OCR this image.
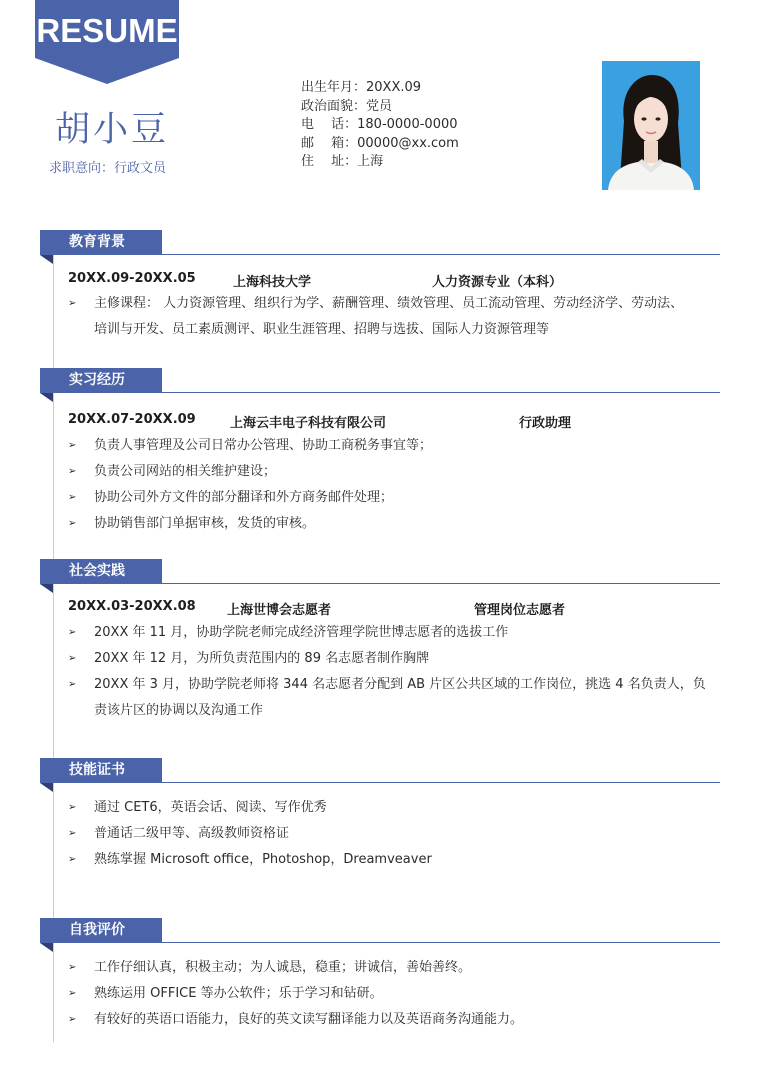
RESUME
胡小豆
求职意向：行政文员
出生年月：20XX.09
政治面貌：党员
电　 话：180-0000-0000
邮　 箱：00000@xx.com
住　 址：上海
教育背景
20XX.09-20XX.05	上海科技大学	人力资源专业（本科）
➢	主修课程： 人力资源管理、组织行为学、薪酬管理、绩效管理、员工流动管理、劳动经济学、劳动法、
培训与开发、员工素质测评、职业生涯管理、招聘与选拔、国际人力资源管理等
实习经历
20XX.07-20XX.09	上海云丰电子科技有限公司	行政助理
➢	负责人事管理及公司日常办公管理、协助工商税务事宜等；
➢	负责公司网站的相关维护建设；
➢	协助公司外方文件的部分翻译和外方商务邮件处理；
➢	协助销售部门单据审核，发货的审核。
社会实践
20XX.03-20XX.08 上海世博会志愿者	管理岗位志愿者
➢	20XX 年 11 月，协助学院老师完成经济管理学院世博志愿者的选拔工作
➢	20XX 年 12 月，为所负责范围内的 89 名志愿者制作胸牌
➢	20XX 年 3 月，协助学院老师将 344 名志愿者分配到 AB 片区公共区域的工作岗位，挑选 4 名负责人，负
责该片区的协调以及沟通工作
技能证书
➢	通过 CET6，英语会话、阅读、写作优秀
➢	普通话二级甲等、高级教师资格证
➢	熟练掌握 Microsoft office，Photoshop，Dreamveaver
自我评价
➢	工作仔细认真，积极主动；为人诚恳，稳重；讲诚信，善始善终。
➢	熟练运用 OFFICE 等办公软件；乐于学习和钻研。
➢	有较好的英语口语能力，良好的英文读写翻译能力以及英语商务沟通能力。
